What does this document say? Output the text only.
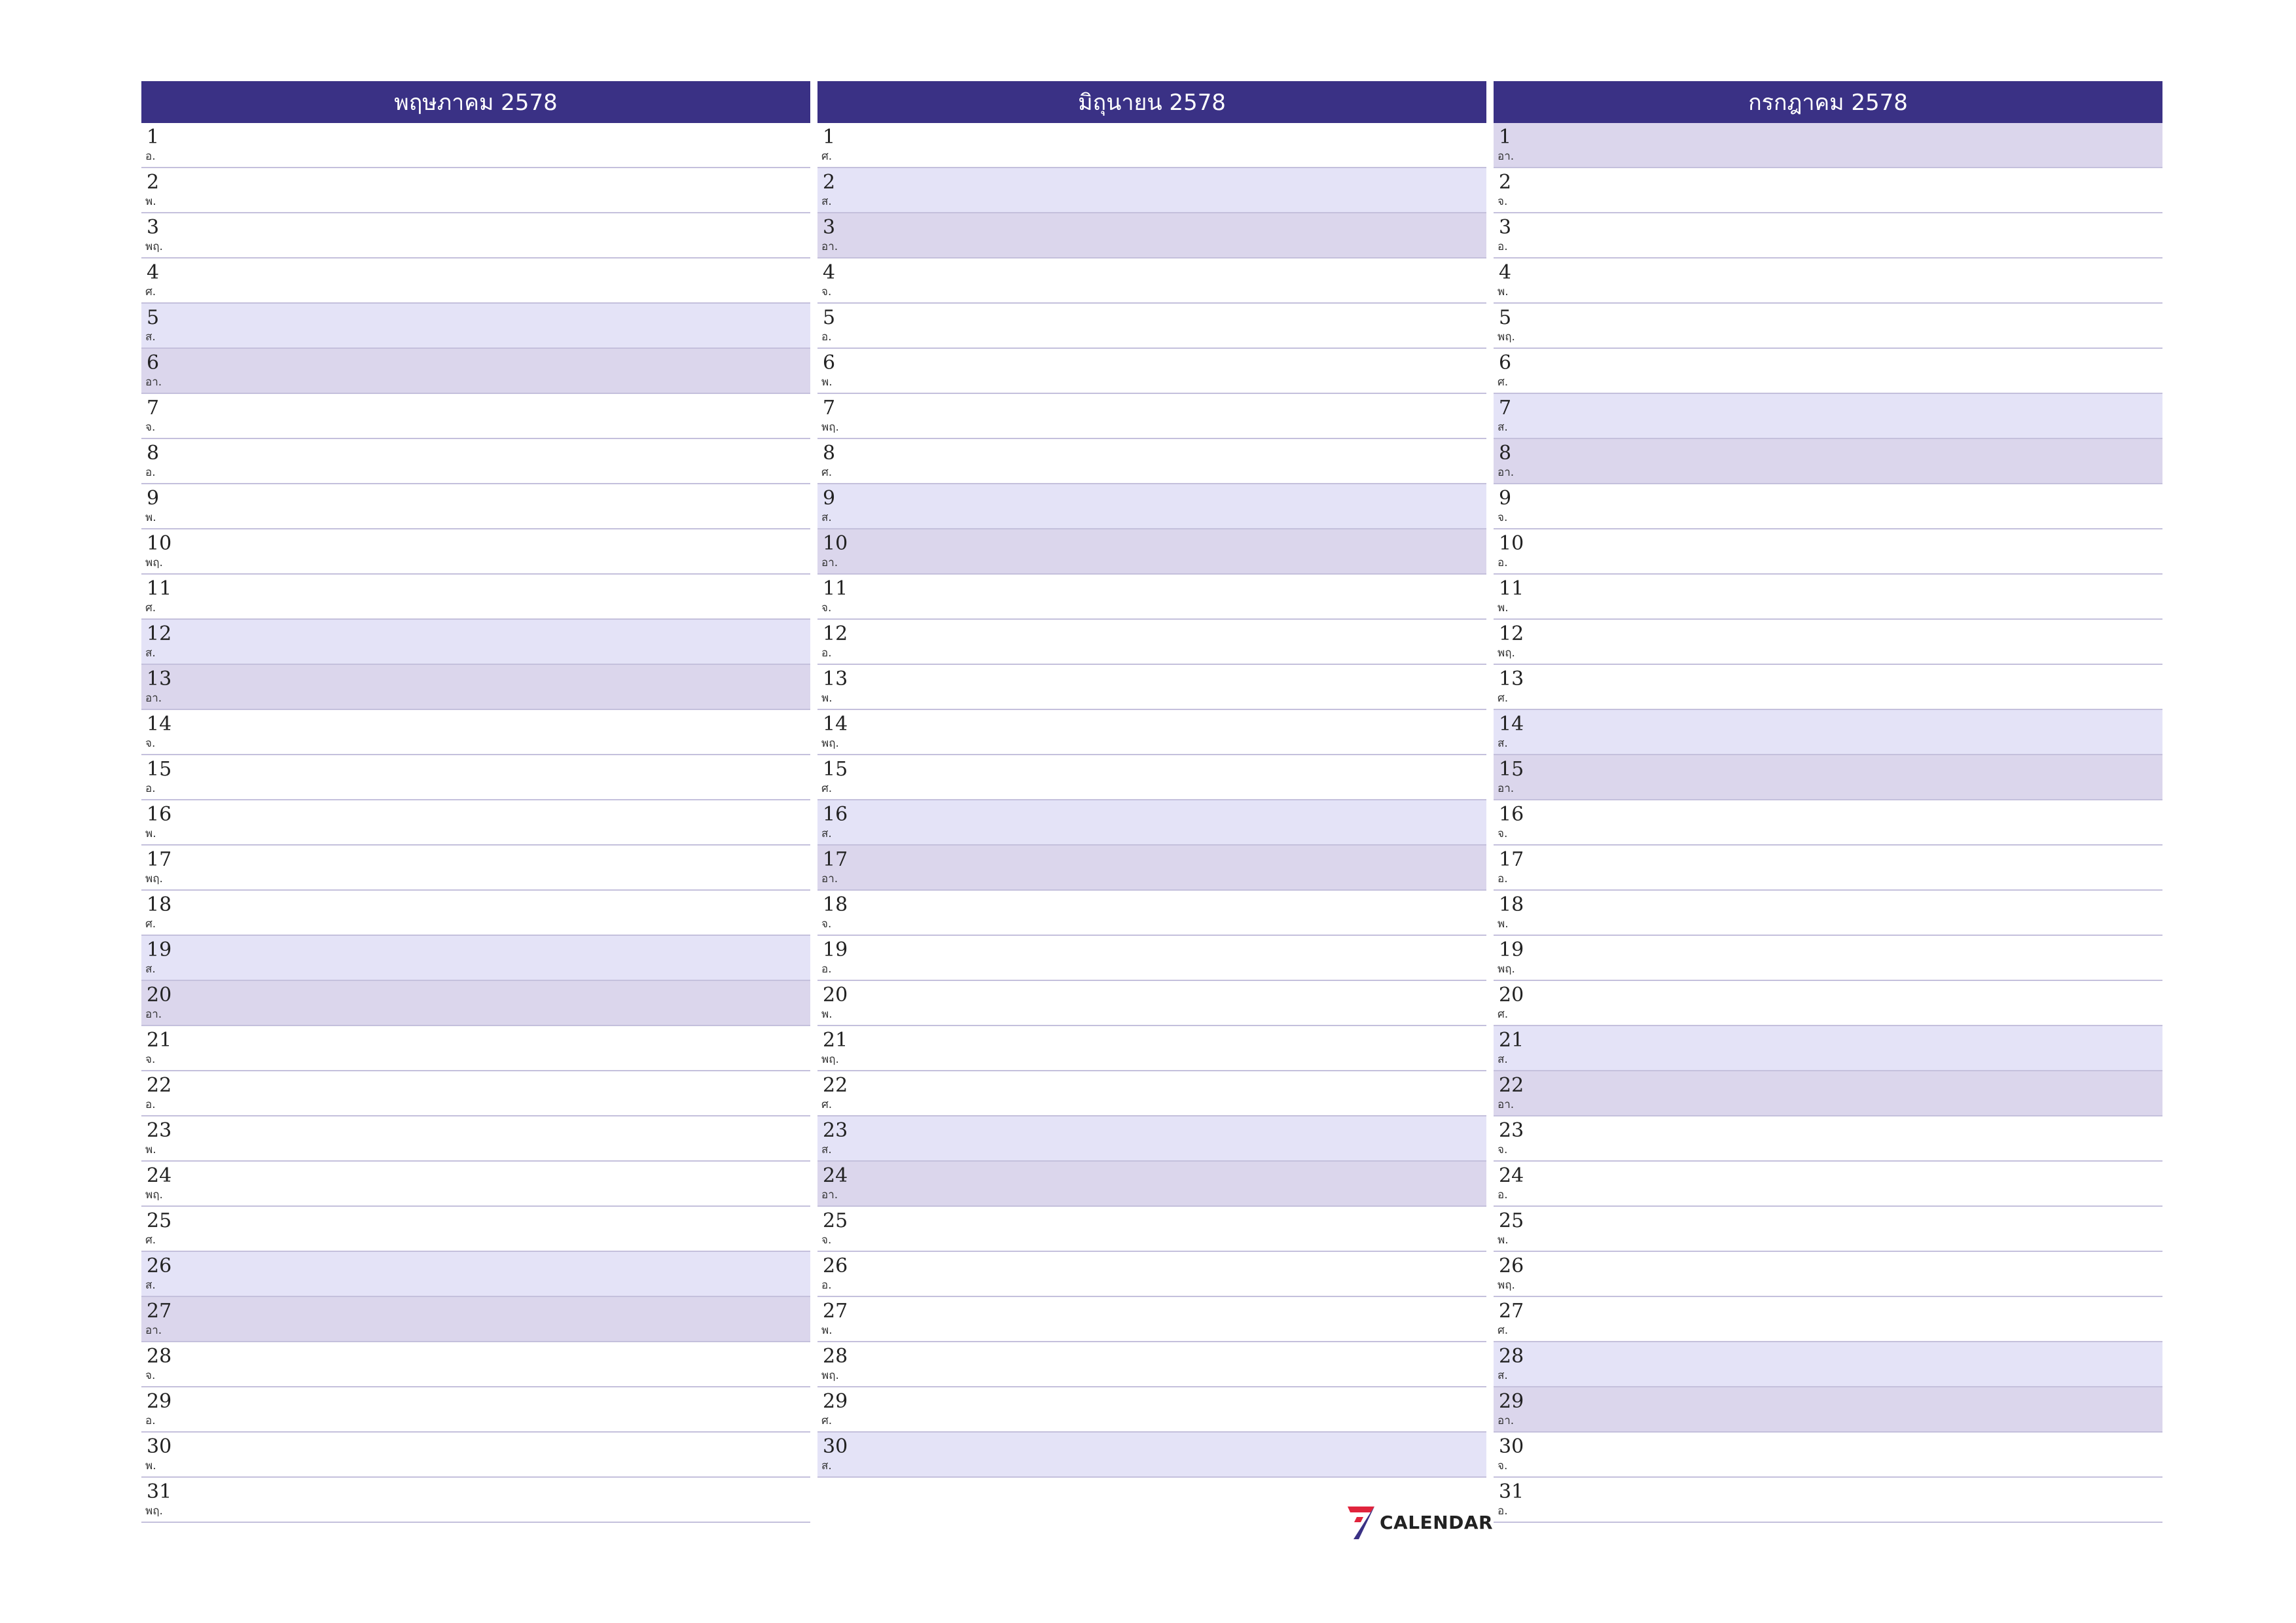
พฤษภาคม 2578
1
อ.
2
พ.
3
พฤ.
4
ศ.
5
ส.
6
อา.
7
จ.
8
อ.
9
พ.
10
พฤ.
11
ศ.
12
ส.
13
อา.
14
จ.
15
อ.
16
พ.
17
พฤ.
18
ศ.
19
ส.
20
อา.
21
จ.
22
อ.
23
พ.
24
พฤ.
25
ศ.
26
ส.
27
อา.
28
จ.
29
อ.
30
พ.
31
พฤ.
มิถุนายน 2578
1
ศ.
2
ส.
3
อา.
4
จ.
5
อ.
6
พ.
7
พฤ.
8
ศ.
9
ส.
10
อา.
11
จ.
12
อ.
13
พ.
14
พฤ.
15
ศ.
16
ส.
17
อา.
18
จ.
19
อ.
20
พ.
21
พฤ.
22
ศ.
23
ส.
24
อา.
25
จ.
26
อ.
27
พ.
28
พฤ.
29
ศ.
30
ส.
กรกฎาคม 2578
1
อา.
2
จ.
3
อ.
4
พ.
5
พฤ.
6
ศ.
7
ส.
8
อา.
9
จ.
10
อ.
11
พ.
12
พฤ.
13
ศ.
14
ส.
15
อา.
16
จ.
17
อ.
18
พ.
19
พฤ.
20
ศ.
21
ส.
22
อา.
23
จ.
24
อ.
25
พ.
26
พฤ.
27
ศ.
28
ส.
29
อา.
30
จ.
31
อ.
CALENDAR
